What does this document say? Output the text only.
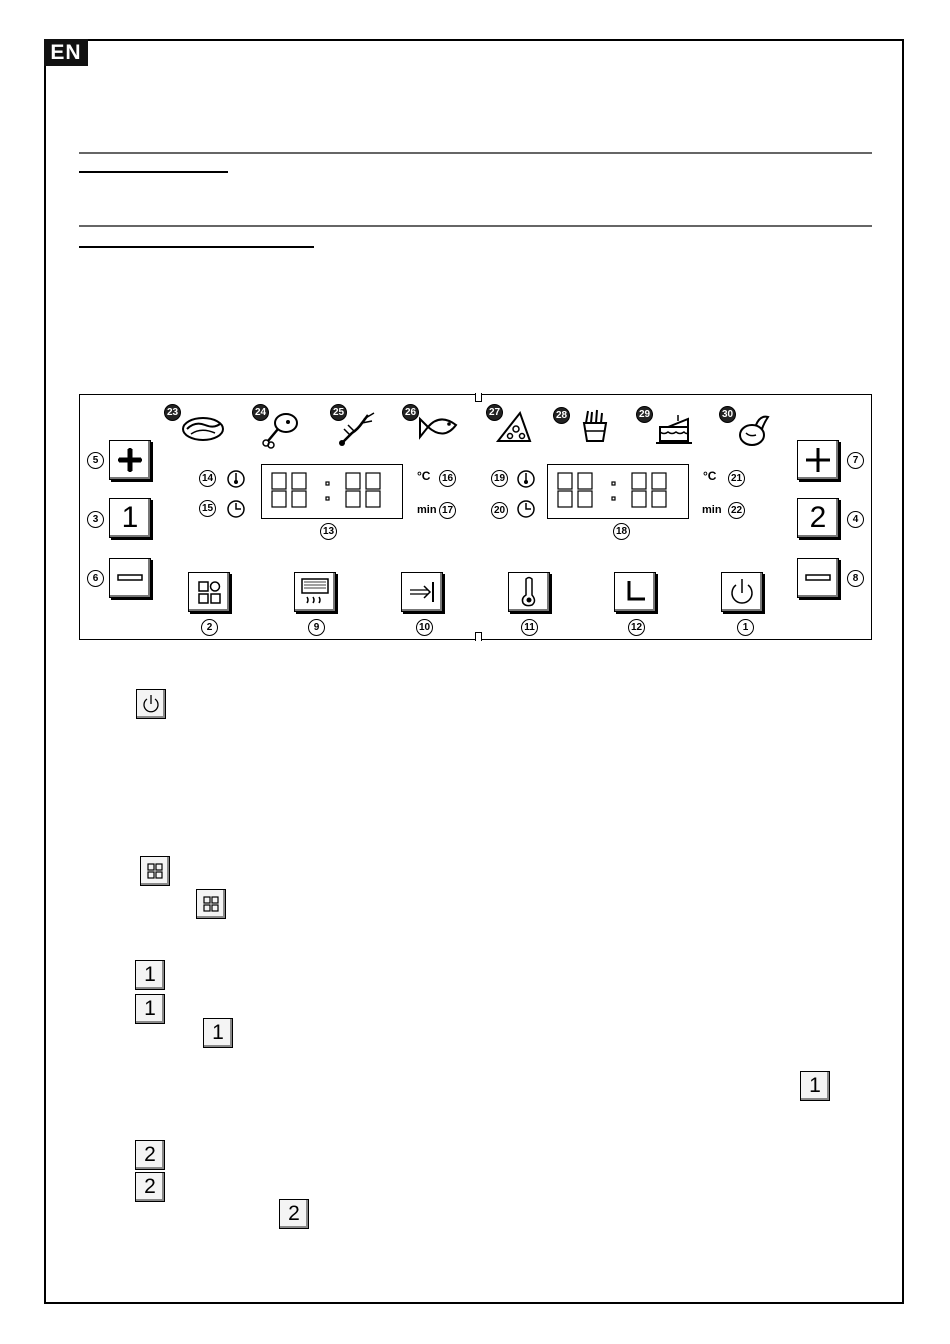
EN
23	24	25	26	27	28	29	30
5
3 1
6
7
2	4
8
14
15
13
°C 16
min 17
19
20
18
°C 21
min 22
2	9	10	11	12	1
1
1
1
1
2
2
2
